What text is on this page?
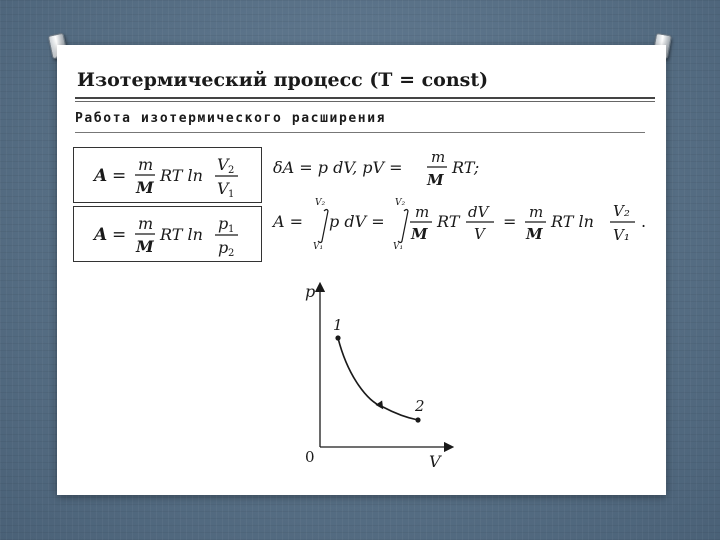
Изотермический процесс (T = const)
Работа изотермического расширения
A =
m
M
RT ln
V 2
V 1
A =
m
M
RT ln
p 1
p 2
δA = p dV, pV =
m
M
RT;
A =
V₂
V₁
p dV =
V₂
V₁
m
M
RT dV
V
= m
M
RT ln
V₂
V₁
.
p
V
0
1
2
